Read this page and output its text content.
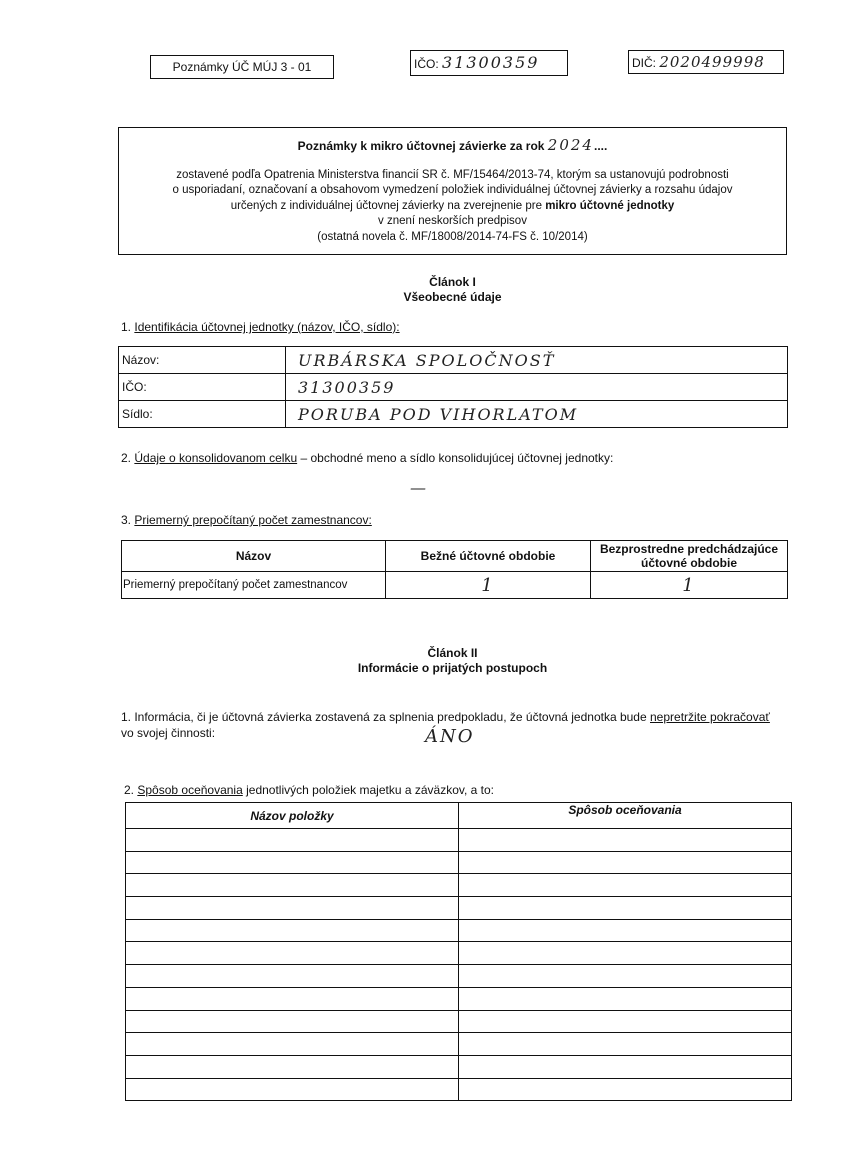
Poznámky ÚČ MÚJ 3 - 01	IČO: 31300359	DIČ: 2020499998
Poznámky k mikro účtovnej závierke za rok 2024....
zostavené podľa Opatrenia Ministerstva financií SR č. MF/15464/2013-74, ktorým sa ustanovujú podrobnosti
o usporiadaní, označovaní a obsahovom vymedzení položiek individuálnej účtovnej závierky a rozsahu údajov
určených z individuálnej účtovnej závierky na zverejnenie pre mikro účtovné jednotky
v znení neskorších predpisov
(ostatná novela č. MF/18008/2014-74-FS č. 10/2014)
Článok I
Všeobecné údaje
1. Identifikácia účtovnej jednotky (názov, IČO, sídlo):
Názov:	URBÁRSKA SPOLOČNOSŤ
IČO:	31300359
Sídlo:	PORUBA POD VIHORLATOM
2. Údaje o konsolidovanom celku – obchodné meno a sídlo konsolidujúcej účtovnej jednotky:
—
3. Priemerný prepočítaný počet zamestnancov:
Názov	Bežné účtovné obdobie	Bezprostredne predchádzajúce účtovné obdobie
Priemerný prepočítaný počet zamestnancov	1	1
Článok II
Informácie o prijatých postupoch
1. Informácia, či je účtovná závierka zostavená za splnenia predpokladu, že účtovná jednotka bude nepretržite pokračovať
vo svojej činnosti:	ÁNO
2. Spôsob oceňovania jednotlivých položiek majetku a záväzkov, a to:
Názov položky	Spôsob oceňovania
